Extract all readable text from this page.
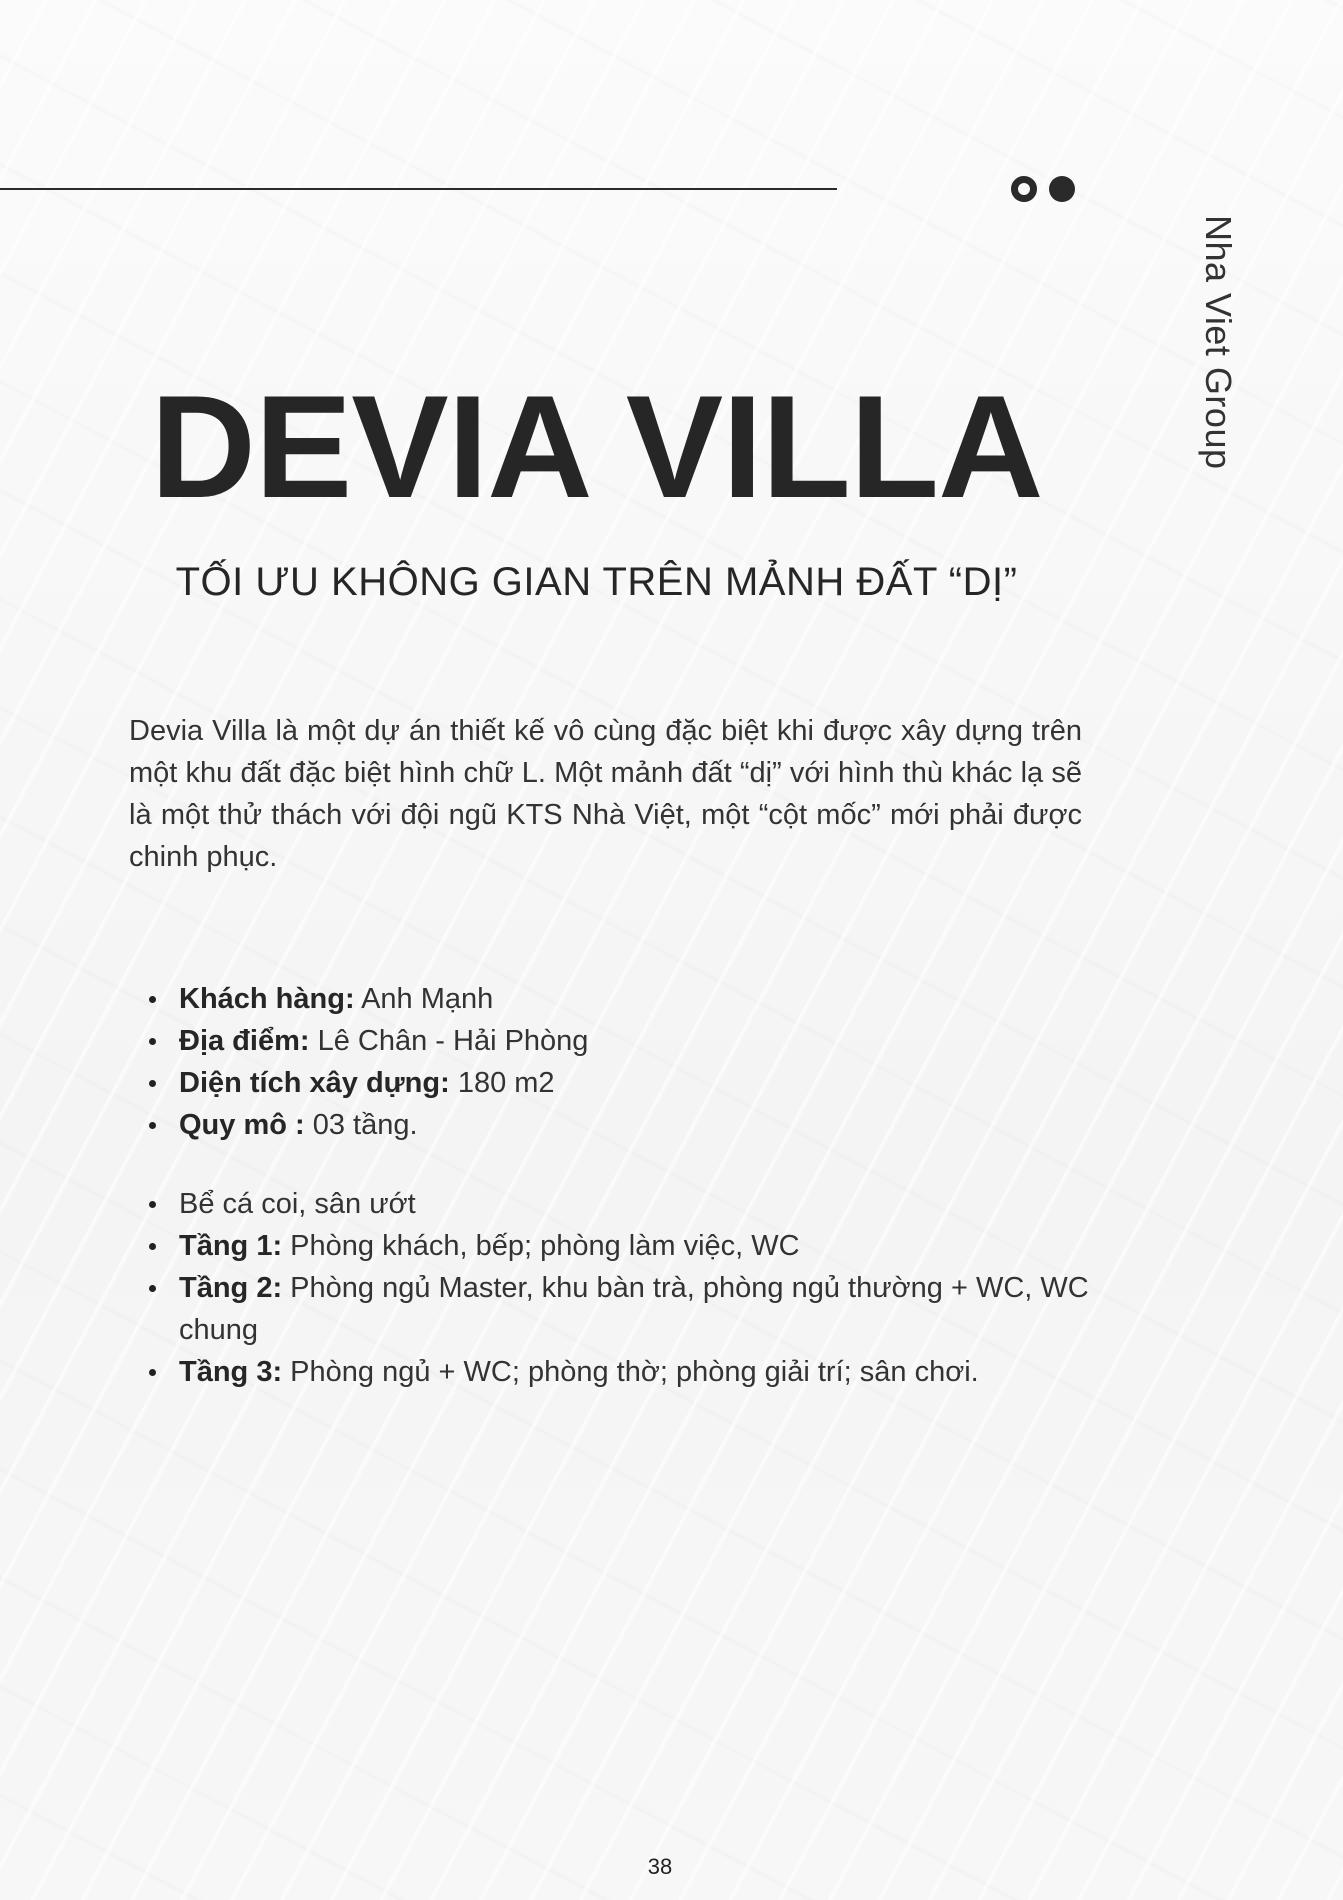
Nha Viet Group
DEVIA VILLA
TỐI ƯU KHÔNG GIAN TRÊN MẢNH ĐẤT “DỊ”

Devia Villa là một dự án thiết kế vô cùng đặc biệt khi được xây dựng trên một khu đất đặc biệt hình chữ L. Một mảnh đất “dị” với hình thù khác lạ sẽ là một thử thách với đội ngũ KTS Nhà Việt, một “cột mốc” mới phải được chinh phục.

Khách hàng: Anh Mạnh
Địa điểm: Lê Chân - Hải Phòng
Diện tích xây dựng: 180 m2
Quy mô : 03 tầng.
Bể cá coi, sân ướt
Tầng 1: Phòng khách, bếp; phòng làm việc, WC
Tầng 2: Phòng ngủ Master, khu bàn trà, phòng ngủ thường + WC, WC chung
Tầng 3: Phòng ngủ + WC; phòng thờ; phòng giải trí; sân chơi.
38
